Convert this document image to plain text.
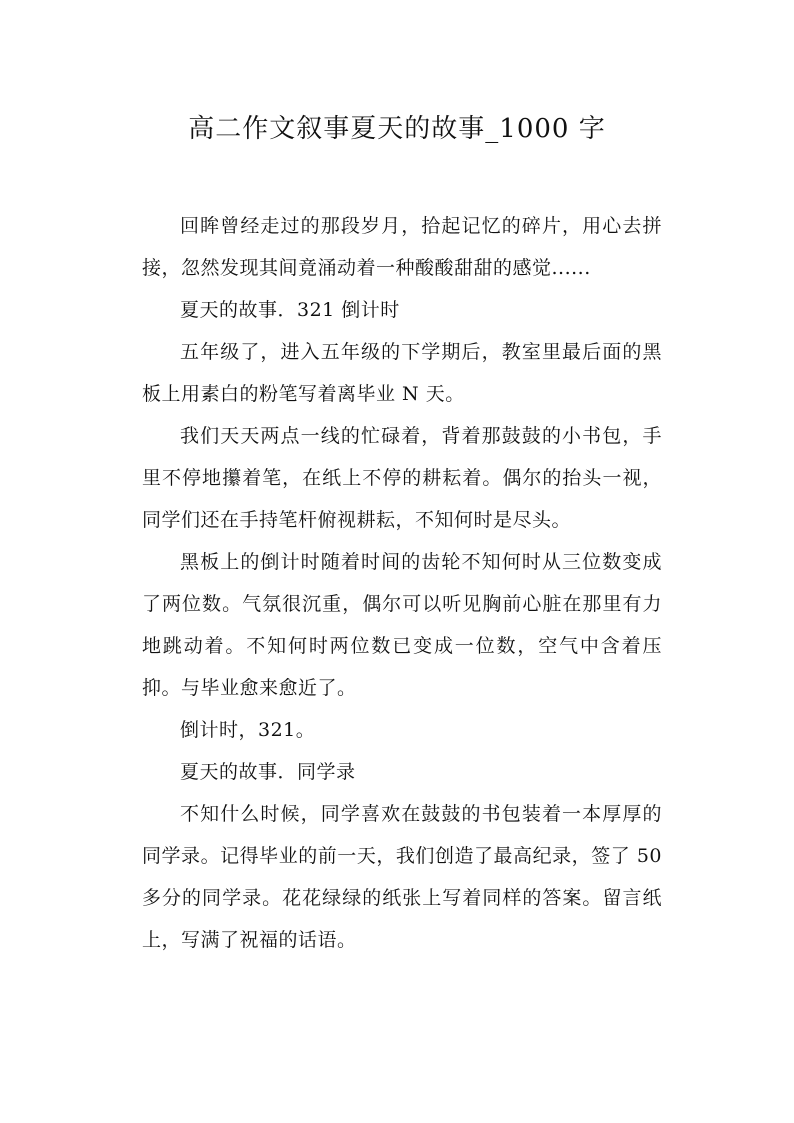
高二作文叙事夏天的故事_1000 字

回眸曾经走过的那段岁月，拾起记忆的碎片，用心去拼接，忽然发现其间竟涌动着一种酸酸甜甜的感觉......

夏天的故事．321 倒计时

五年级了，进入五年级的下学期后，教室里最后面的黑板上用素白的粉笔写着离毕业 N 天。

我们天天两点一线的忙碌着，背着那鼓鼓的小书包，手里不停地攥着笔，在纸上不停的耕耘着。偶尔的抬头一视，同学们还在手持笔杆俯视耕耘，不知何时是尽头。

黑板上的倒计时随着时间的齿轮不知何时从三位数变成了两位数。气氛很沉重，偶尔可以听见胸前心脏在那里有力地跳动着。不知何时两位数已变成一位数，空气中含着压抑。与毕业愈来愈近了。

倒计时，321。

夏天的故事．同学录

不知什么时候，同学喜欢在鼓鼓的书包装着一本厚厚的同学录。记得毕业的前一天，我们创造了最高纪录，签了 50 多分的同学录。花花绿绿的纸张上写着同样的答案。留言纸上，写满了祝福的话语。
